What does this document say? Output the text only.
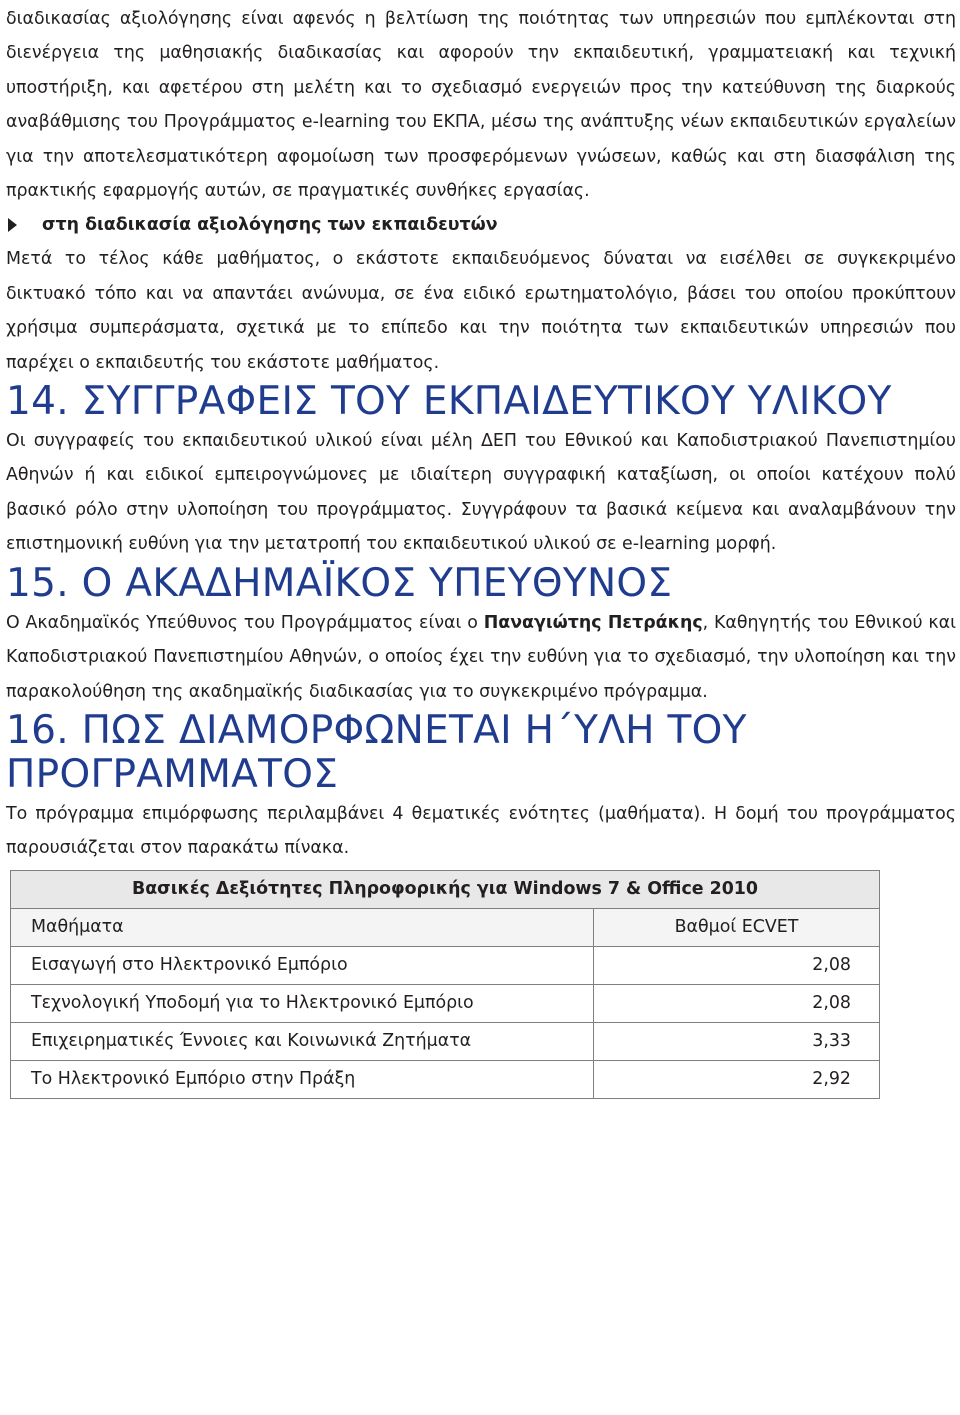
διαδικασίας αξιολόγησης είναι αφενός η βελτίωση της ποιότητας των υπηρεσιών που εμπλέκονται στη διενέργεια της μαθησιακής διαδικασίας και αφορούν την εκπαιδευτική, γραμματειακή και τεχνική υποστήριξη, και αφετέρου στη μελέτη και το σχεδιασμό ενεργειών προς την κατεύθυνση της διαρκούς αναβάθμισης του Προγράμματος e-learning του ΕΚΠΑ, μέσω της ανάπτυξης νέων εκπαιδευτικών εργαλείων για την αποτελεσματικότερη αφομοίωση των προσφερόμενων γνώσεων, καθώς και στη διασφάλιση της πρακτικής εφαρμογής αυτών, σε πραγματικές συνθήκες εργασίας.

στη διαδικασία αξιολόγησης των εκπαιδευτών

Μετά το τέλος κάθε μαθήματος, ο εκάστοτε εκπαιδευόμενος δύναται να εισέλθει σε συγκεκριμένο δικτυακό τόπο και να απαντάει ανώνυμα, σε ένα ειδικό ερωτηματολόγιο, βάσει του οποίου προκύπτουν χρήσιμα συμπεράσματα, σχετικά με το επίπεδο και την ποιότητα των εκπαιδευτικών υπηρεσιών που παρέχει ο εκπαιδευτής του εκάστοτε μαθήματος.

14. ΣΥΓΓΡΑΦΕΙΣ ΤΟΥ ΕΚΠΑΙΔΕΥΤΙΚΟΥ ΥΛΙΚΟΥ

Οι συγγραφείς του εκπαιδευτικού υλικού είναι μέλη ΔΕΠ του Εθνικού και Καποδιστριακού Πανεπιστημίου Αθηνών ή και ειδικοί εμπειρογνώμονες με ιδιαίτερη συγγραφική καταξίωση, οι οποίοι κατέχουν πολύ βασικό ρόλο στην υλοποίηση του προγράμματος. Συγγράφουν τα βασικά κείμενα και αναλαμβάνουν την επιστημονική ευθύνη για την μετατροπή του εκπαιδευτικού υλικού σε e-learning μορφή.

15. Ο ΑΚΑΔΗΜΑΪΚΟΣ ΥΠΕΥΘΥΝΟΣ

Ο Ακαδημαϊκός Υπεύθυνος του Προγράμματος είναι ο Παναγιώτης Πετράκης, Καθηγητής του Εθνικού και Καποδιστριακού Πανεπιστημίου Αθηνών, ο οποίος έχει την ευθύνη για το σχεδιασμό, την υλοποίηση και την παρακολούθηση της ακαδημαϊκής διαδικασίας για το συγκεκριμένο πρόγραμμα.

16. ΠΩΣ ΔΙΑΜΟΡΦΩΝΕΤΑΙ Η΄ΥΛΗ ΤΟΥ
ΠΡΟΓΡΑΜΜΑΤΟΣ

Το πρόγραμμα επιμόρφωσης περιλαμβάνει 4 θεματικές ενότητες (μαθήματα). Η δομή του προγράμματος παρουσιάζεται στον παρακάτω πίνακα.

Βασικές Δεξιότητες Πληροφορικής για Windows 7 & Office 2010	
Μαθήματα	Βαθμοί ECVET
Εισαγωγή στο Ηλεκτρονικό Εμπόριο	2,08
Τεχνολογική Υποδομή για το Ηλεκτρονικό Εμπόριο	2,08
Επιχειρηματικές Έννοιες και Κοινωνικά Ζητήματα	3,33
Το Ηλεκτρονικό Εμπόριο στην Πράξη	2,92
